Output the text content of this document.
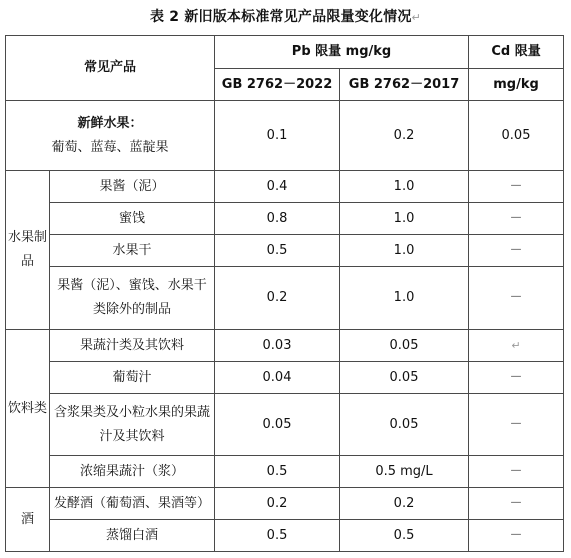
表 2 新旧版本标准常见产品限量变化情况↵
常见产品		Pb 限量 mg/kg		Cd 限量
		GB 2762－2022	GB 2762－2017	mg/kg

新鲜水果：
葡萄、蓝莓、蓝靛果		0.1	0.2	0.05
水果制品	果酱（泥）	0.4	1.0	－
	蜜饯	0.8	1.0	－
	水果干	0.5	1.0	－
	果酱（泥）、蜜饯、水果干类除外的制品	0.2	1.0	－
饮料类	果蔬汁类及其饮料	0.03	0.05	↵
	葡萄汁	0.04	0.05	－
	含浆果类及小粒水果的果蔬汁及其饮料	0.05	0.05	－
	浓缩果蔬汁（浆）	0.5	0.5 mg/L	－
酒	发酵酒（葡萄酒、果酒等）	0.2	0.2	－
	蒸馏白酒	0.5	0.5	－
